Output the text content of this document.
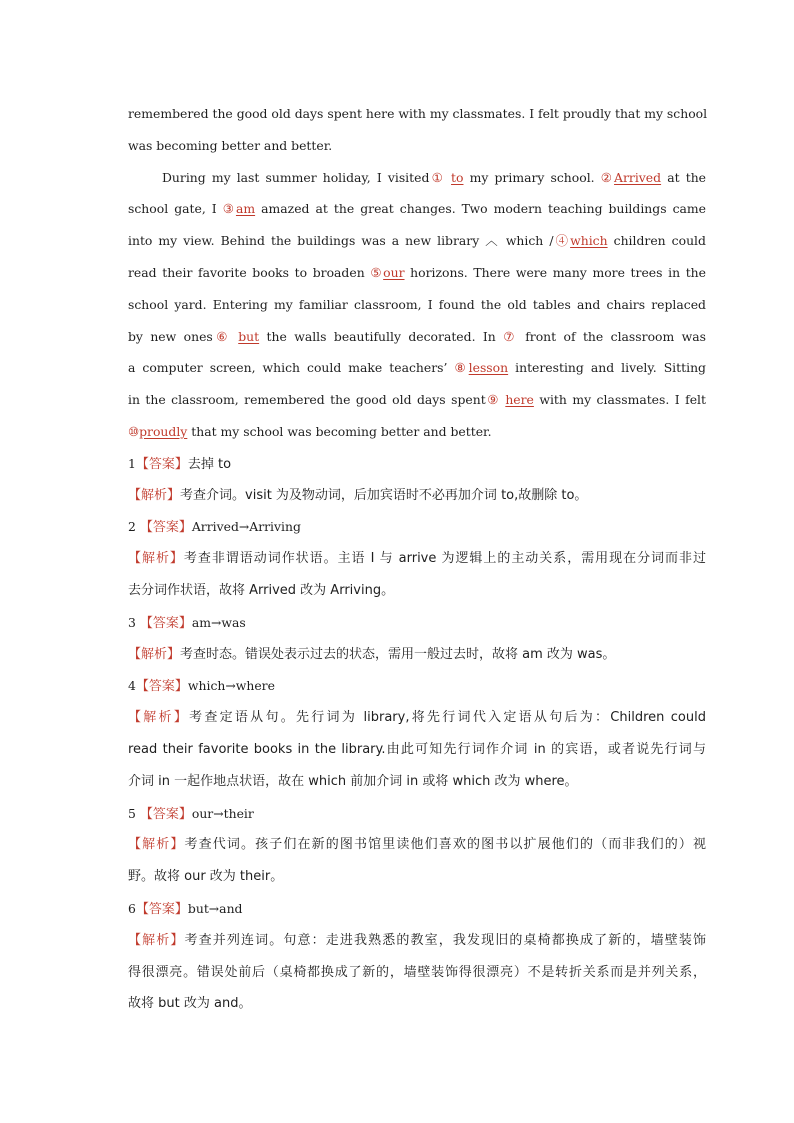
remembered the good old days spent here with my classmates. I felt proudly that my school
was becoming better and better.
During my last summer holiday, I visited① to my primary school. ②Arrived at the
school gate, I ③am amazed at the great changes. Two modern teaching buildings came
into my view. Behind the buildings was a new library ︿ which /④which children could
read their favorite books to broaden ⑤our horizons. There were many more trees in the
school yard. Entering my familiar classroom, I found the old tables and chairs replaced
by new ones⑥ but the walls beautifully decorated. In ⑦ front of the classroom was
a computer screen, which could make teachers’ ⑧lesson interesting and lively. Sitting
in the classroom, remembered the good old days spent⑨ here with my classmates. I felt
⑩proudly that my school was becoming better and better.
1【答案】去掉 to
【解析】考查介词。visit 为及物动词，后加宾语时不必再加介词 to,故删除 to。
2 【答案】Arrived→Arriving
【解析】考查非谓语动词作状语。主语 I 与 arrive 为逻辑上的主动关系，需用现在分词而非过
去分词作状语，故将 Arrived 改为 Arriving。
3 【答案】am→was
【解析】考查时态。错误处表示过去的状态，需用一般过去时，故将 am 改为 was。
4【答案】which→where
【解析】考查定语从句。先行词为 library,将先行词代入定语从句后为：Children could
read their favorite books in the library.由此可知先行词作介词 in 的宾语，或者说先行词与
介词 in 一起作地点状语，故在 which 前加介词 in 或将 which 改为 where。
5 【答案】our→their
【解析】考查代词。孩子们在新的图书馆里读他们喜欢的图书以扩展他们的（而非我们的）视
野。故将 our 改为 their。
6【答案】but→and
【解析】考查并列连词。句意：走进我熟悉的教室，我发现旧的桌椅都换成了新的，墙壁装饰
得很漂亮。错误处前后（桌椅都换成了新的，墙壁装饰得很漂亮）不是转折关系而是并列关系，
故将 but 改为 and。
